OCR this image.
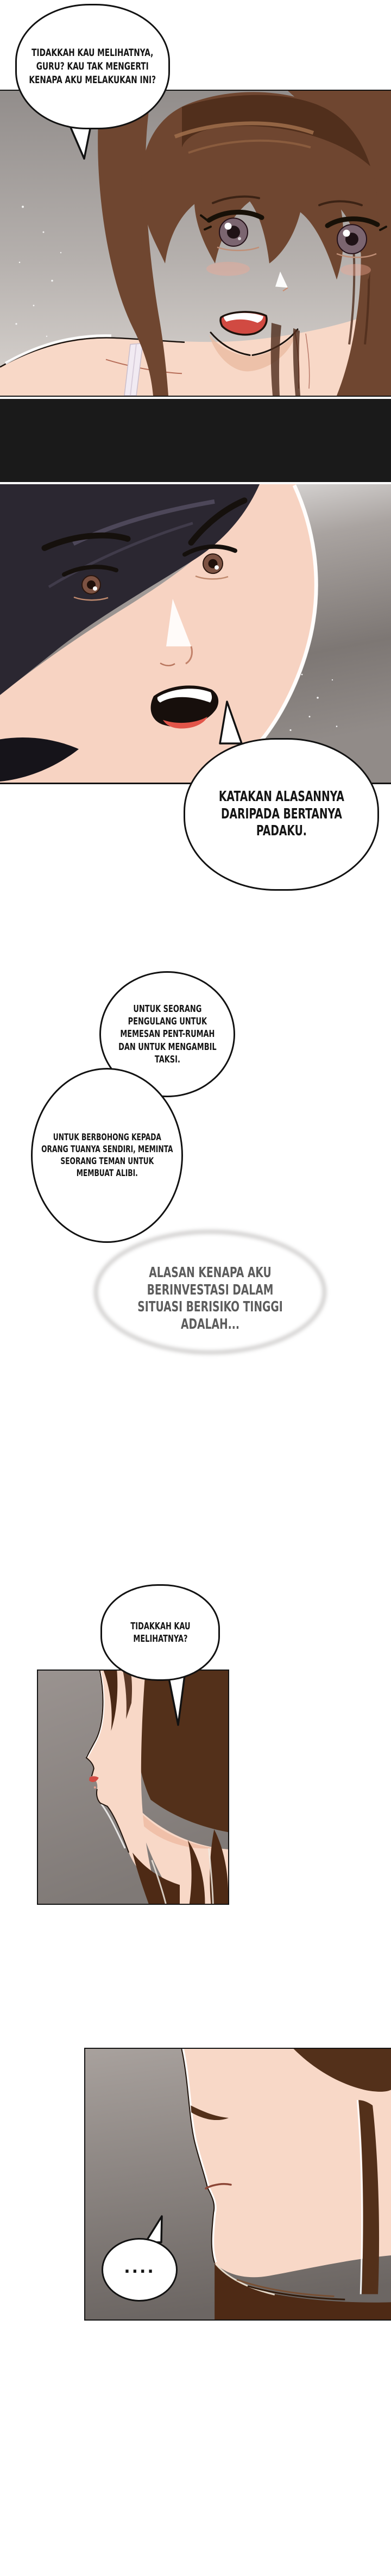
TIDAKKAH KAU MELIHATNYA,
GURU? KAU TAK MENGERTI
KENAPA AKU MELAKUKAN INI?
KATAKAN ALASANNYA
DARIPADA BERTANYA
PADAKU.
UNTUK SEORANG
PENGULANG UNTUK
MEMESAN PENT-RUMAH
DAN UNTUK MENGAMBIL
TAKSI.
UNTUK BERBOHONG KEPADA
ORANG TUANYA SENDIRI, MEMINTA
SEORANG TEMAN UNTUK
MEMBUAT ALIBI.
ALASAN KENAPA AKU
BERINVESTASI DALAM
SITUASI BERISIKO TINGGI
ADALAH...
TIDAKKAH KAU
MELIHATNYA?
....
